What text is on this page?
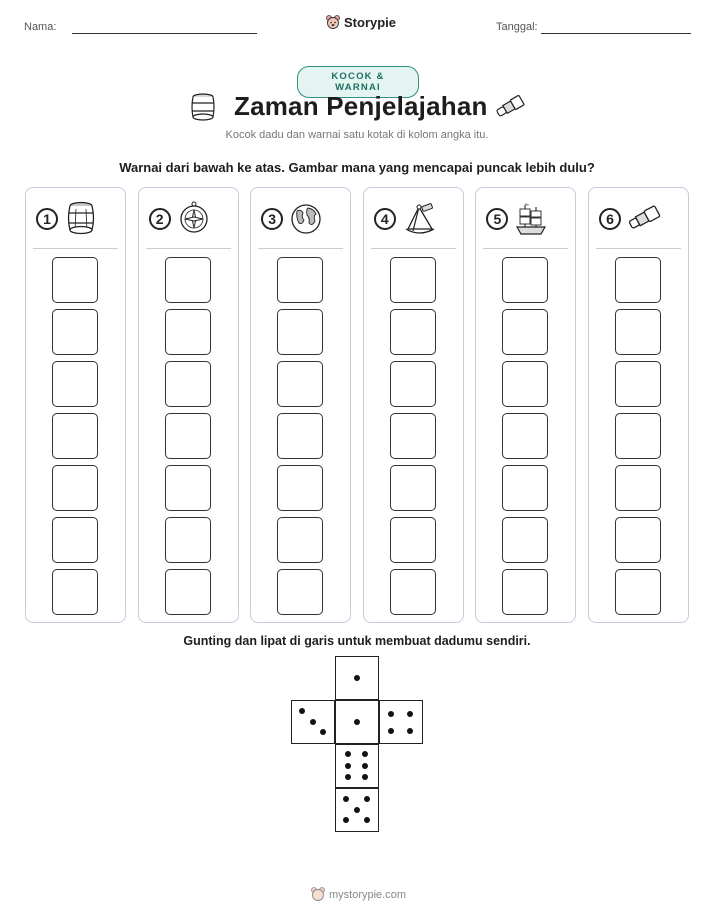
Nama:	Storypie	Tanggal:
KOCOK & WARNAI
Zaman Penjelajahan
Kocok dadu dan warnai satu kotak di kolom angka itu.
Warnai dari bawah ke atas. Gambar mana yang mencapai puncak lebih dulu?
1	2	3	4	5	6
Gunting dan lipat di garis untuk membuat dadumu sendiri.
mystorypie.com
